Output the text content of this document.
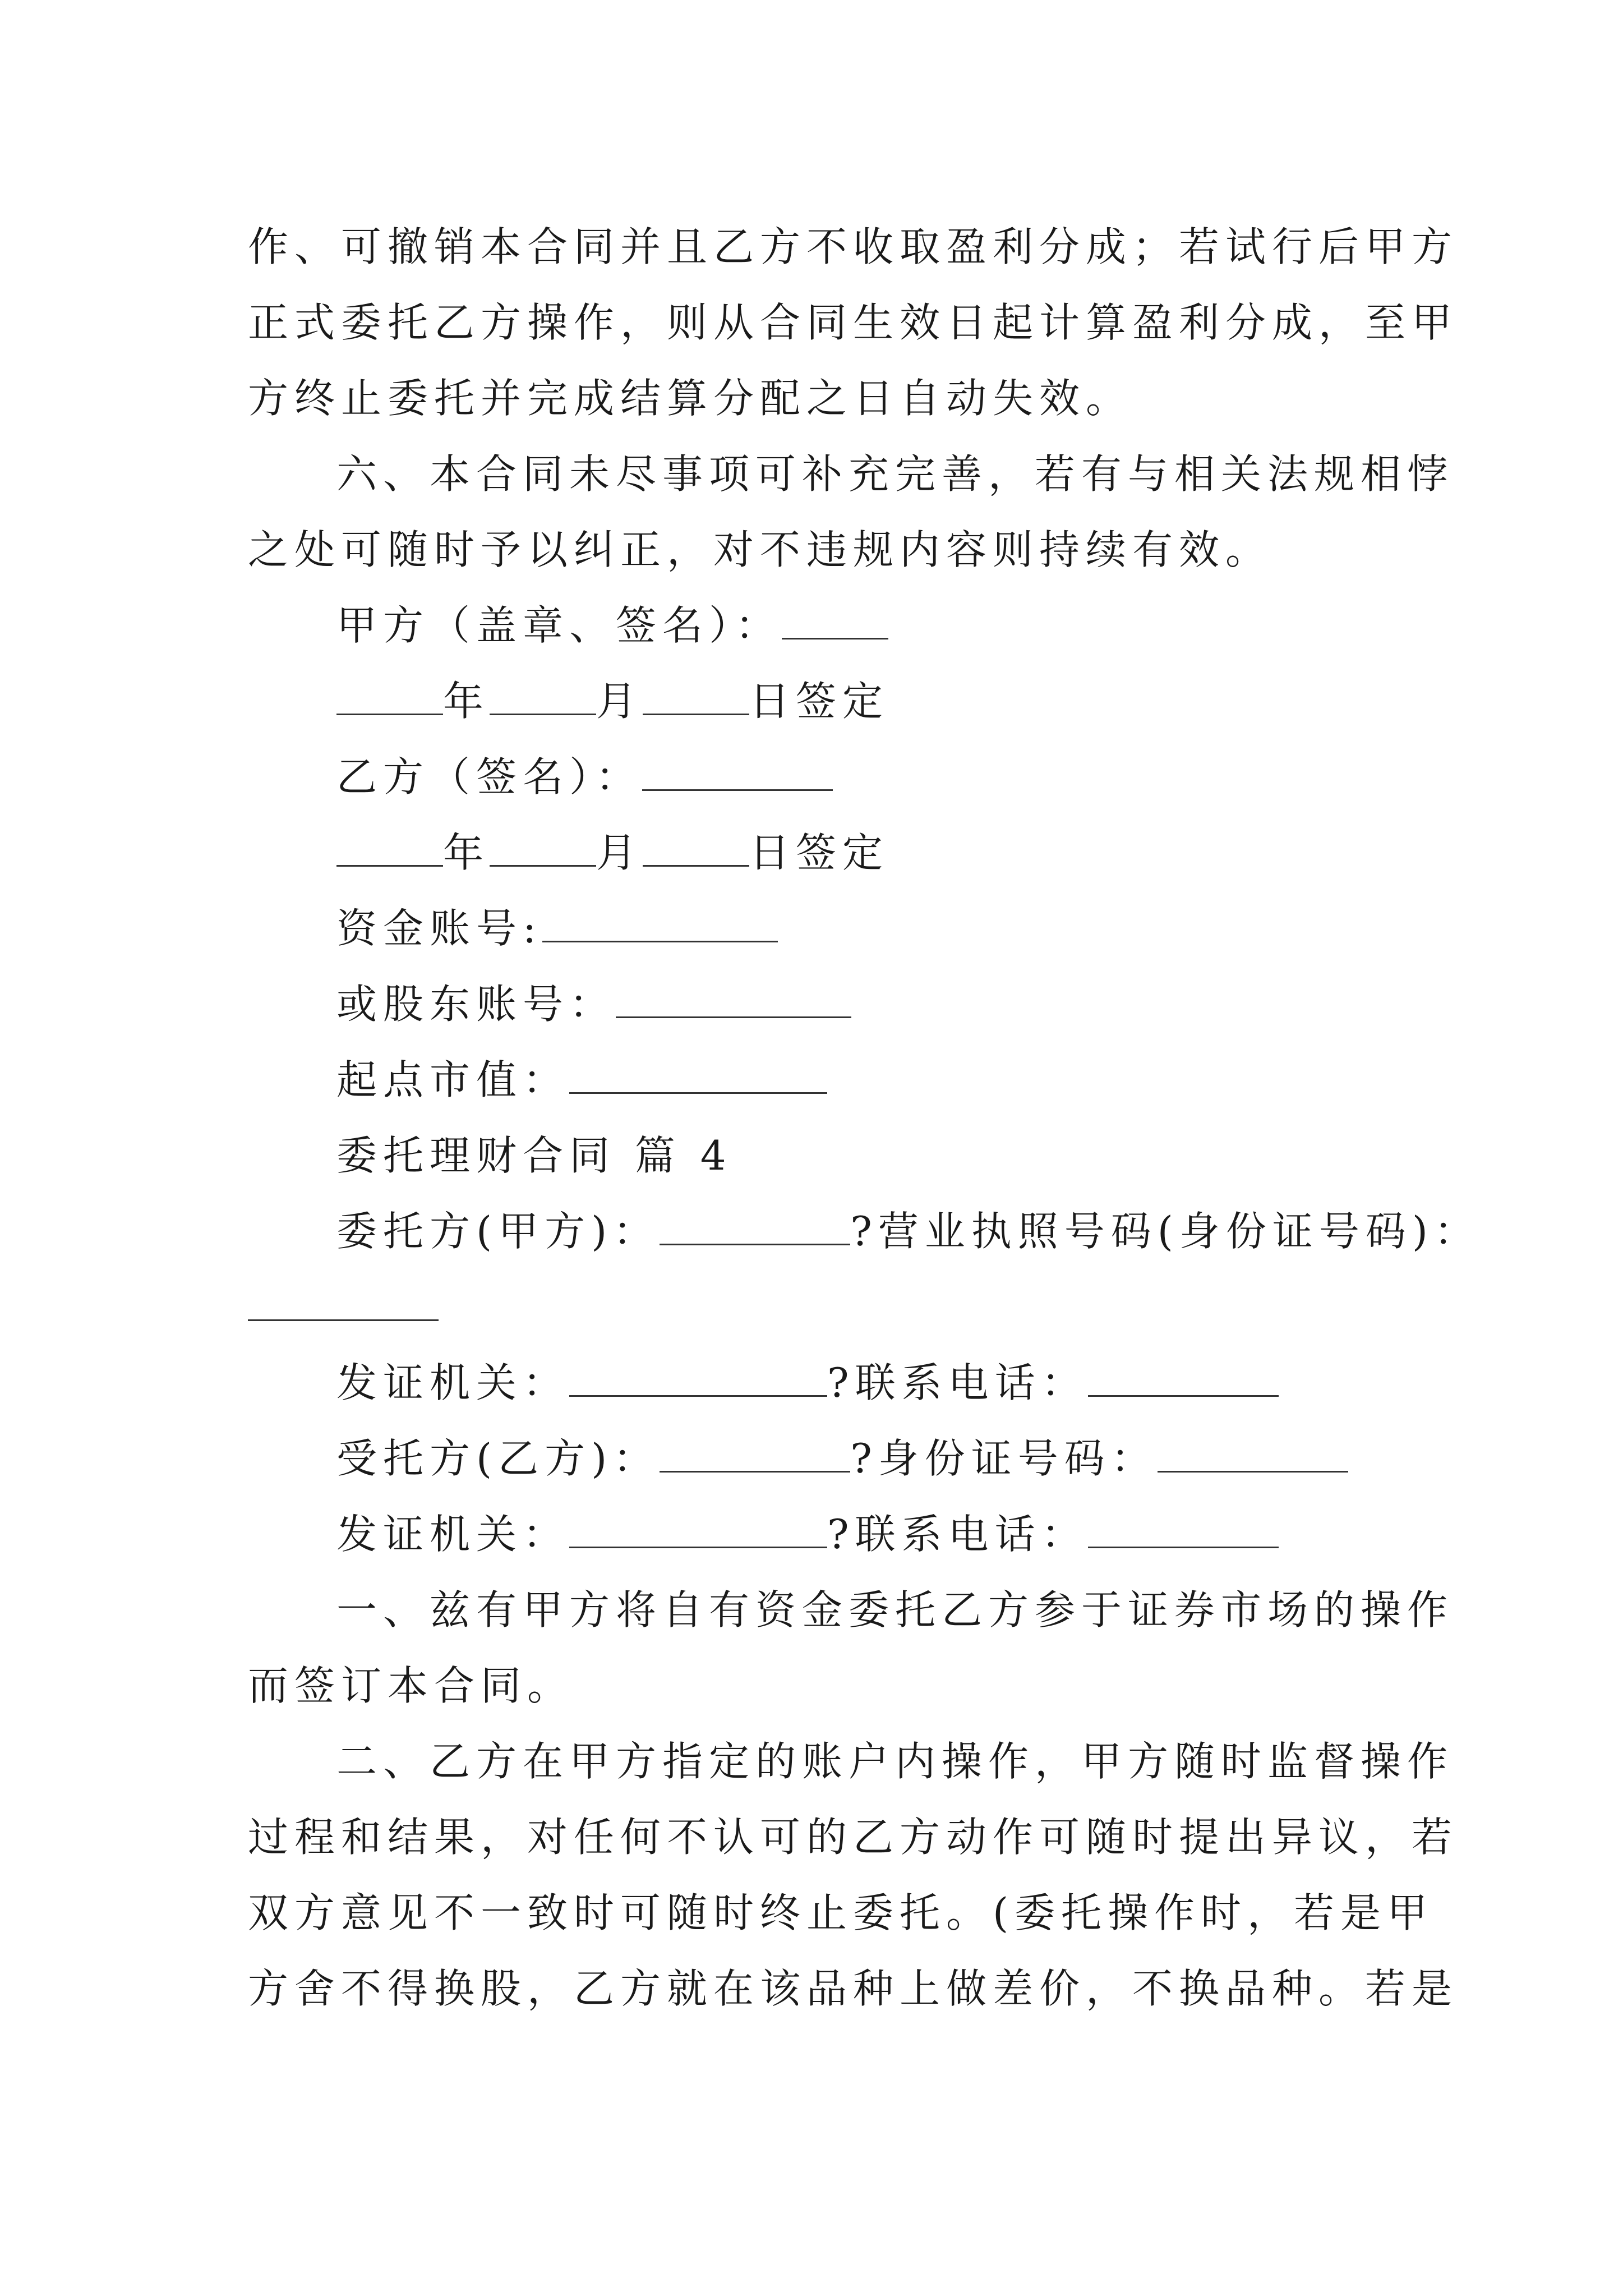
作、可撤销本合同并且乙方不收取盈利分成；若试行后甲方
正式委托乙方操作，则从合同生效日起计算盈利分成，至甲
方终止委托并完成结算分配之日自动失效。
六、本合同未尽事项可补充完善，若有与相关法规相悖
之处可随时予以纠正，对不违规内容则持续有效。
甲方（盖章、签名）：
年	月	日签定
乙方（签名）：
年	月	日签定
资金账号:
或股东账号：
起点市值：
委托理财合同 篇 4
委托方(甲方)：	?营业执照号码(身份证号码)：
发证机关：	?联系电话：
受托方(乙方)：	?身份证号码：
发证机关：	?联系电话：
一、兹有甲方将自有资金委托乙方参于证券市场的操作
而签订本合同。
二、乙方在甲方指定的账户内操作，甲方随时监督操作
过程和结果，对任何不认可的乙方动作可随时提出异议，若
双方意见不一致时可随时终止委托。(委托操作时，若是甲
方舍不得换股，乙方就在该品种上做差价，不换品种。若是
